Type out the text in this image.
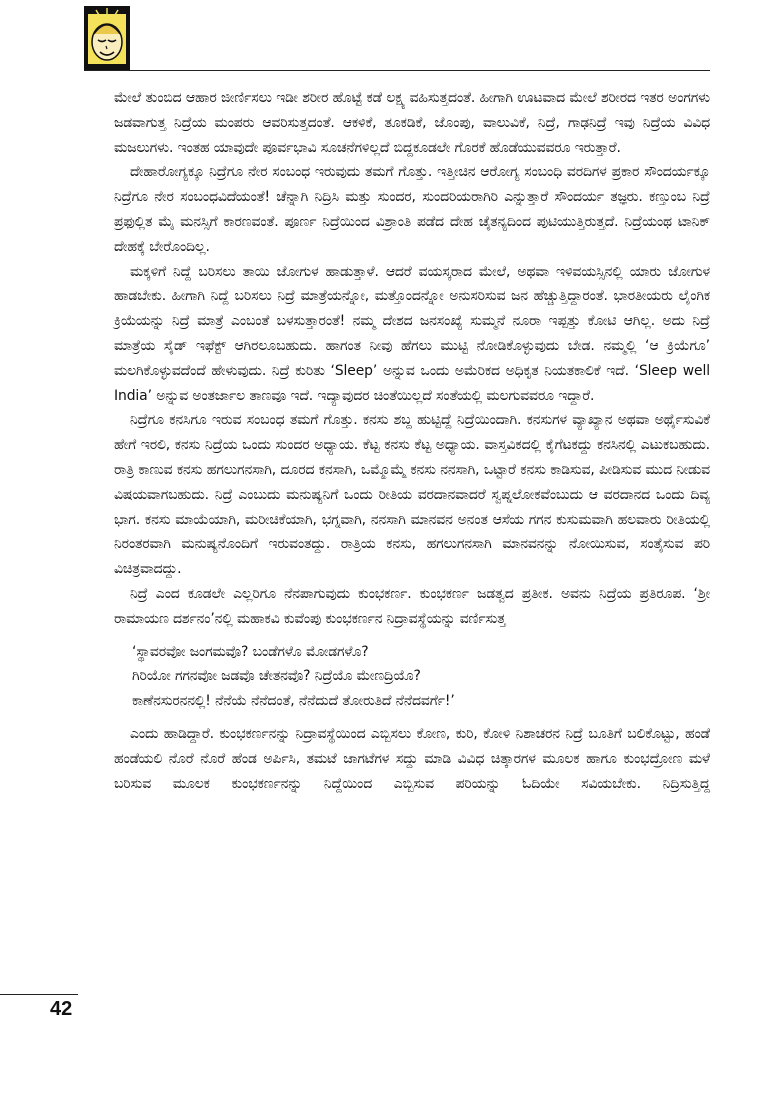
ಮೇಲೆ ತುಂಬಿದ ಆಹಾರ ಜೀರ್ಣಿಸಲು ಇಡೀ ಶರೀರ ಹೊಟ್ಟೆ ಕಡೆ ಲಕ್ಷ್ಯ ವಹಿಸುತ್ತದಂತೆ. ಹೀಗಾಗಿ ಊಟವಾದ ಮೇಲೆ ಶರೀರದ ಇತರ ಅಂಗಗಳು ಜಡವಾಗುತ್ತ ನಿದ್ರೆಯ ಮಂಪರು ಆವರಿಸುತ್ತದಂತೆ. ಆಕಳಿಕೆ, ತೂಕಡಿಕೆ, ಜೊಂಪು, ವಾಲುವಿಕೆ, ನಿದ್ರೆ, ಗಾಢನಿದ್ರೆ ಇವು ನಿದ್ರೆಯ ವಿವಿಧ ಮಜಲುಗಳು. ಇಂತಹ ಯಾವುದೇ ಪೂರ್ವಭಾವಿ ಸೂಚನೆಗಳಿಲ್ಲದೆ ಬಿದ್ದಕೂಡಲೇ ಗೊರಕೆ ಹೊಡೆಯುವವರೂ ಇರುತ್ತಾರೆ.

ದೇಹಾರೋಗ್ಯಕ್ಕೂ ನಿದ್ರೆಗೂ ನೇರ ಸಂಬಂಧ ಇರುವುದು ತಮಗೆ ಗೊತ್ತು. ಇತ್ತೀಚಿನ ಆರೋಗ್ಯ ಸಂಬಂಧಿ ವರದಿಗಳ ಪ್ರಕಾರ ಸೌಂದರ್ಯಕ್ಕೂ ನಿದ್ರೆಗೂ ನೇರ ಸಂಬಂಧವಿದೆಯಂತೆ! ಚೆನ್ನಾಗಿ ನಿದ್ರಿಸಿ ಮತ್ತು ಸುಂದರ, ಸುಂದರಿಯರಾಗಿರಿ ಎನ್ನುತ್ತಾರೆ ಸೌಂದರ್ಯ ತಜ್ಞರು. ಕಣ್ತುಂಬ ನಿದ್ರೆ ಪ್ರಫುಲ್ಲಿತ ಮೈ ಮನಸ್ಸಿಗೆ ಕಾರಣವಂತೆ. ಪೂರ್ಣ ನಿದ್ರೆಯಿಂದ ವಿಶ್ರಾಂತಿ ಪಡೆದ ದೇಹ ಚೈತನ್ಯದಿಂದ ಪುಟಿಯುತ್ತಿರುತ್ತದೆ. ನಿದ್ರೆಯಂಥ ಟಾನಿಕ್ ದೇಹಕ್ಕೆ ಬೇರೊಂದಿಲ್ಲ.

ಮಕ್ಕಳಿಗೆ ನಿದ್ದೆ ಬರಿಸಲು ತಾಯಿ ಜೋಗುಳ ಹಾಡುತ್ತಾಳೆ. ಆದರೆ ವಯಸ್ಕರಾದ ಮೇಲೆ, ಅಥವಾ ಇಳಿವಯಸ್ಸಿನಲ್ಲಿ ಯಾರು ಜೋಗುಳ ಹಾಡಬೇಕು. ಹೀಗಾಗಿ ನಿದ್ದೆ ಬರಿಸಲು ನಿದ್ರೆ ಮಾತ್ರೆಯನ್ನೋ, ಮತ್ತೊಂದನ್ನೋ ಅನುಸರಿಸುವ ಜನ ಹೆಚ್ಚುತ್ತಿದ್ದಾರಂತೆ. ಭಾರತೀಯರು ಲೈಂಗಿಕ ಕ್ರಿಯೆಯನ್ನು ನಿದ್ರೆ ಮಾತ್ರೆ ಎಂಬಂತೆ ಬಳಸುತ್ತಾರಂತೆ! ನಮ್ಮ ದೇಶದ ಜನಸಂಖ್ಯೆ ಸುಮ್ಮನೆ ನೂರಾ ಇಪ್ಪತ್ತು ಕೋಟಿ ಆಗಿಲ್ಲ. ಅದು ನಿದ್ರೆ ಮಾತ್ರೆಯ ಸೈಡ್ ಇಫೆಕ್ಟ್ ಆಗಿರಲೂಬಹುದು. ಹಾಗಂತ ನೀವು ಹೆಗಲು ಮುಟ್ಟಿ ನೋಡಿಕೊಳ್ಳುವುದು ಬೇಡ. ನಮ್ಮಲ್ಲಿ ‘ಆ ಕ್ರಿಯೆಗೂ’ ಮಲಗಿಕೊಳ್ಳುವದೆಂದೆ ಹೇಳುವುದು. ನಿದ್ರೆ ಕುರಿತು ‘Sleep’ ಅನ್ನುವ ಒಂದು ಅಮೆರಿಕದ ಅಧಿಕೃತ ನಿಯತಕಾಲಿಕೆ ಇದೆ. ‘Sleep well India’ ಅನ್ನುವ ಅಂತರ್ಜಾಲ ತಾಣವೂ ಇದೆ. ಇದ್ಯಾವುದರ ಚಿಂತೆಯಿಲ್ಲದೆ ಸಂತೆಯಲ್ಲಿ ಮಲಗುವವರೂ ಇದ್ದಾರೆ.

ನಿದ್ರೆಗೂ ಕನಸಿಗೂ ಇರುವ ಸಂಬಂಧ ತಮಗೆ ಗೊತ್ತು. ಕನಸು ಶಬ್ದ ಹುಟ್ಟಿದ್ದೆ ನಿದ್ರೆಯಿಂದಾಗಿ. ಕನಸುಗಳ ವ್ಯಾಖ್ಯಾನ ಅಥವಾ ಅರ್ಥೈಸುವಿಕೆ ಹೇಗೆ ಇರಲಿ, ಕನಸು ನಿದ್ರೆಯ ಒಂದು ಸುಂದರ ಅಧ್ಯಾಯ. ಕೆಟ್ಟ ಕನಸು ಕೆಟ್ಟ ಅಧ್ಯಾಯ. ವಾಸ್ತವಿಕದಲ್ಲಿ ಕೈಗೆಟಕದ್ದು ಕನಸಿನಲ್ಲಿ ಎಟುಕಬಹುದು. ರಾತ್ರಿ ಕಾಣುವ ಕನಸು ಹಗಲುಗನಸಾಗಿ, ದೂರದ ಕನಸಾಗಿ, ಒಮ್ಮೊಮ್ಮೆ ಕನಸು ನನಸಾಗಿ, ಒಟ್ಟಾರೆ ಕನಸು ಕಾಡಿಸುವ, ಪೀಡಿಸುವ ಮುದ ನೀಡುವ ವಿಷಯವಾಗಬಹುದು. ನಿದ್ರೆ ಎಂಬುದು ಮನುಷ್ಯನಿಗೆ ಒಂದು ರೀತಿಯ ವರದಾನವಾದರೆ ಸ್ವಪ್ನಲೋಕವೆಂಬುದು ಆ ವರದಾನದ ಒಂದು ದಿವ್ಯ ಭಾಗ. ಕನಸು ಮಾಯೆಯಾಗಿ, ಮರೀಚಿಕೆಯಾಗಿ, ಭಗ್ನವಾಗಿ, ನನಸಾಗಿ ಮಾನವನ ಅನಂತ ಆಸೆಯ ಗಗನ ಕುಸುಮವಾಗಿ ಹಲವಾರು ರೀತಿಯಲ್ಲಿ ನಿರಂತರವಾಗಿ ಮನುಷ್ಯನೊಂದಿಗೆ ಇರುವಂತದ್ದು. ರಾತ್ರಿಯ ಕನಸು, ಹಗಲುಗನಸಾಗಿ ಮಾನವನನ್ನು ನೋಯಿಸುವ, ಸಂತೈಸುವ ಪರಿ ವಿಚಿತ್ರವಾದದ್ದು.

ನಿದ್ರೆ ಎಂದ ಕೂಡಲೇ ಎಲ್ಲರಿಗೂ ನೆನಪಾಗುವುದು ಕುಂಭಕರ್ಣ. ಕುಂಭಕರ್ಣ ಜಡತ್ವದ ಪ್ರತೀಕ. ಅವನು ನಿದ್ರೆಯ ಪ್ರತಿರೂಪ. ‘ಶ್ರೀ ರಾಮಾಯಣ ದರ್ಶನಂ’ನಲ್ಲಿ ಮಹಾಕವಿ ಕುವೆಂಪು ಕುಂಭಕರ್ಣನ ನಿದ್ರಾವಸ್ಥೆಯನ್ನು ವರ್ಣಿಸುತ್ತ

‘ಸ್ಥಾವರವೋ ಜಂಗಮವೊ? ಬಂಡೆಗಳೊ ಮೋಡಗಳೊ?
ಗಿರಿಯೋ ಗಗನವೋ ಜಡವೊ ಚೇತನವೊ? ನಿದ್ರೆಯೊ ಮೇಣದ್ರಿಯೊ?
ಕಾಣೆನಸುರನನಲ್ಲಿ! ನೆನೆಯೆ ನೆನೆದಂತೆ, ನೆನೆದುದೆ ತೋರುತಿದೆ ನೆನೆದವರ್ಗೆ!’

ಎಂದು ಹಾಡಿದ್ದಾರೆ. ಕುಂಭಕರ್ಣನನ್ನು ನಿದ್ರಾವಸ್ಥೆಯಿಂದ ಎಬ್ಬಿಸಲು ಕೋಣ, ಕುರಿ, ಕೋಳಿ ನಿಶಾಚರನ ನಿದ್ರೆ ಬೂತಿಗೆ ಬಲಿಕೊಟ್ಟು, ಹಂಡೆ ಹಂಡೆಯಲಿ ನೊರೆ ನೊರೆ ಹೆಂಡ ಅರ್ಪಿಸಿ, ತಮಟೆ ಜಾಗಟೆಗಳ ಸದ್ದು ಮಾಡಿ ವಿವಿಧ ಚಿತ್ಕಾರಗಳ ಮೂಲಕ ಹಾಗೂ ಕುಂಭದ್ರೋಣ ಮಳೆ ಬರಿಸುವ ಮೂಲಕ ಕುಂಭಕರ್ಣನನ್ನು ನಿದ್ದೆಯಿಂದ ಎಬ್ಬಿಸುವ ಪರಿಯನ್ನು ಓದಿಯೇ ಸವಿಯಬೇಕು. ನಿದ್ರಿಸುತ್ತಿದ್ದ

42
